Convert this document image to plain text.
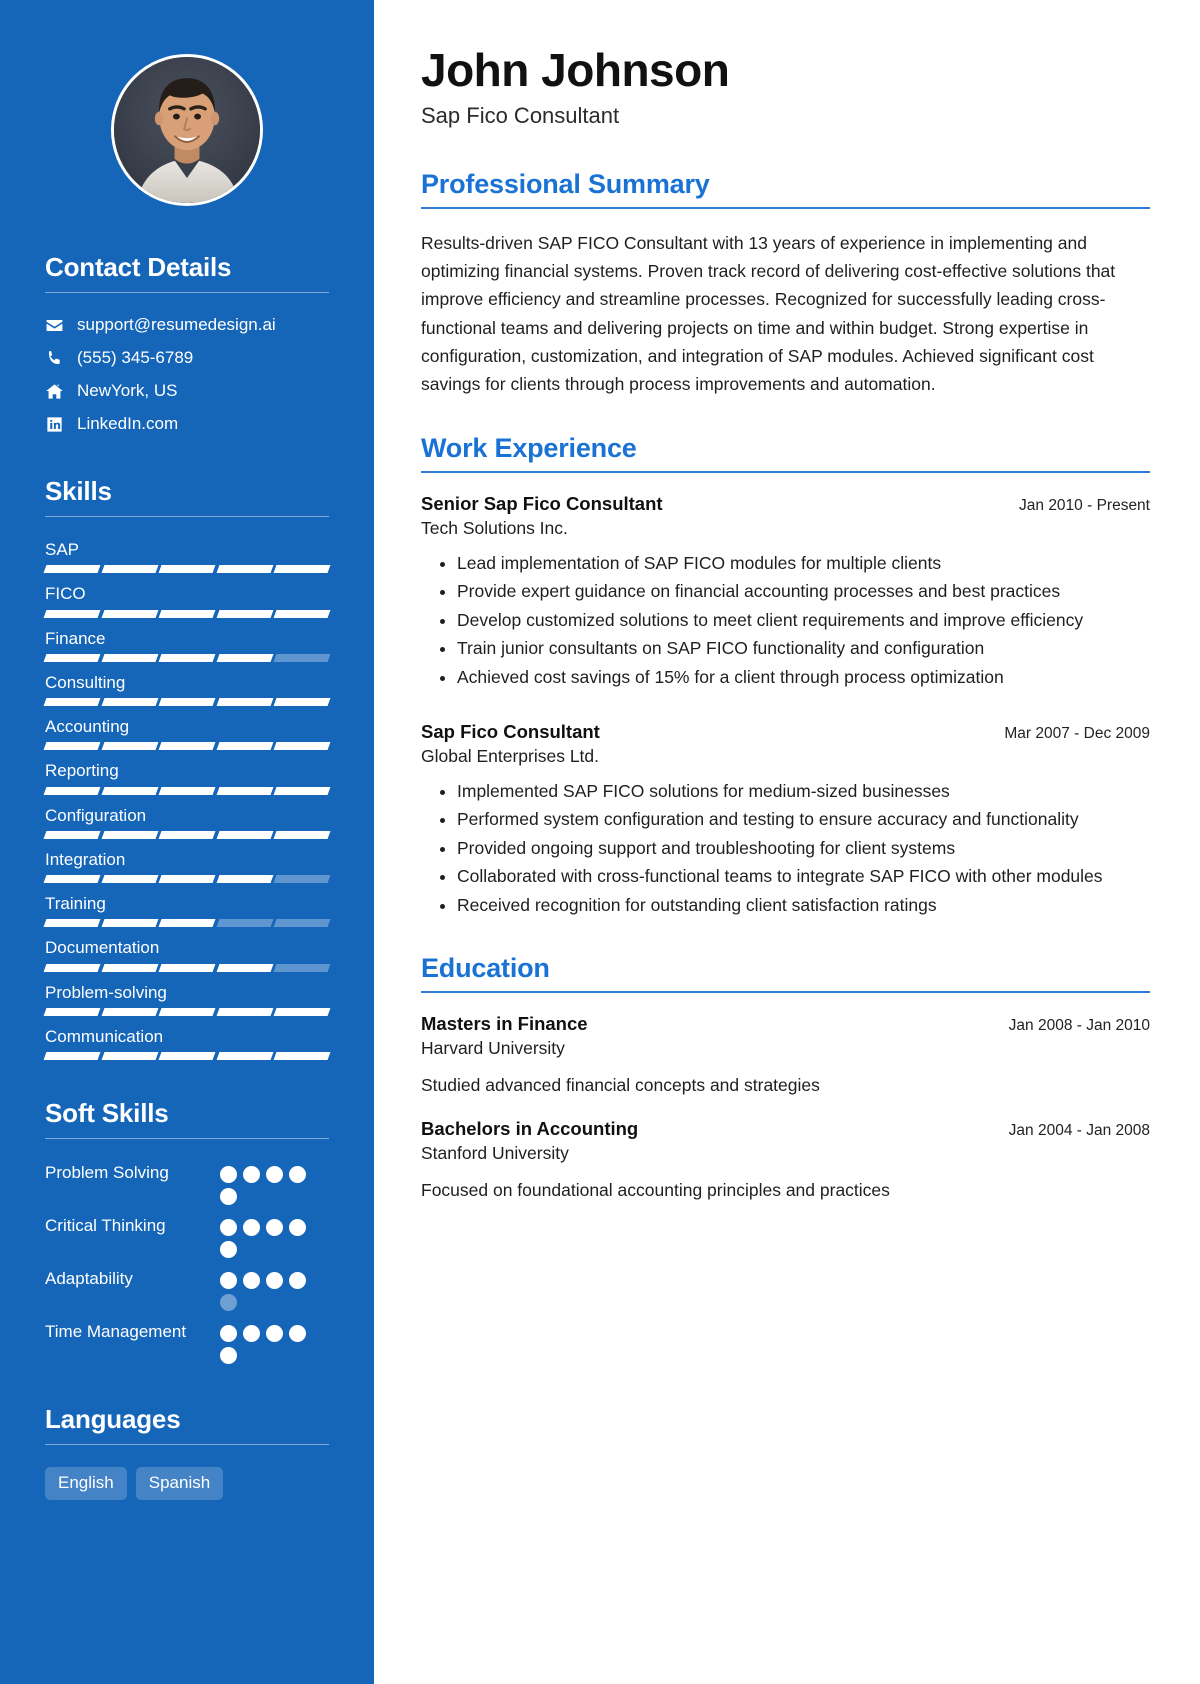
Contact Details
support@resumedesign.ai
(555) 345-6789
NewYork, US
LinkedIn.com
Skills
SAP
FICO
Finance
Consulting
Accounting
Reporting
Configuration
Integration
Training
Documentation
Problem-solving
Communication
Soft Skills
Problem Solving
Critical Thinking
Adaptability
Time Management
Languages
English	Spanish
John Johnson
Sap Fico Consultant
Professional Summary

Results-driven SAP FICO Consultant with 13 years of experience in implementing and optimizing financial systems. Proven track record of delivering cost-effective solutions that improve efficiency and streamline processes. Recognized for successfully leading cross-functional teams and delivering projects on time and within budget. Strong expertise in configuration, customization, and integration of SAP modules. Achieved significant cost savings for clients through process improvements and automation.

Work Experience
Senior Sap Fico Consultant	Jan 2010 - Present
Tech Solutions Inc.
• Lead implementation of SAP FICO modules for multiple clients
• Provide expert guidance on financial accounting processes and best practices
• Develop customized solutions to meet client requirements and improve efficiency
• Train junior consultants on SAP FICO functionality and configuration
• Achieved cost savings of 15% for a client through process optimization
Sap Fico Consultant	Mar 2007 - Dec 2009
Global Enterprises Ltd.
• Implemented SAP FICO solutions for medium-sized businesses
• Performed system configuration and testing to ensure accuracy and functionality
• Provided ongoing support and troubleshooting for client systems
• Collaborated with cross-functional teams to integrate SAP FICO with other modules
• Received recognition for outstanding client satisfaction ratings
Education
Masters in Finance	Jan 2008 - Jan 2010
Harvard University
Studied advanced financial concepts and strategies
Bachelors in Accounting	Jan 2004 - Jan 2008
Stanford University
Focused on foundational accounting principles and practices
